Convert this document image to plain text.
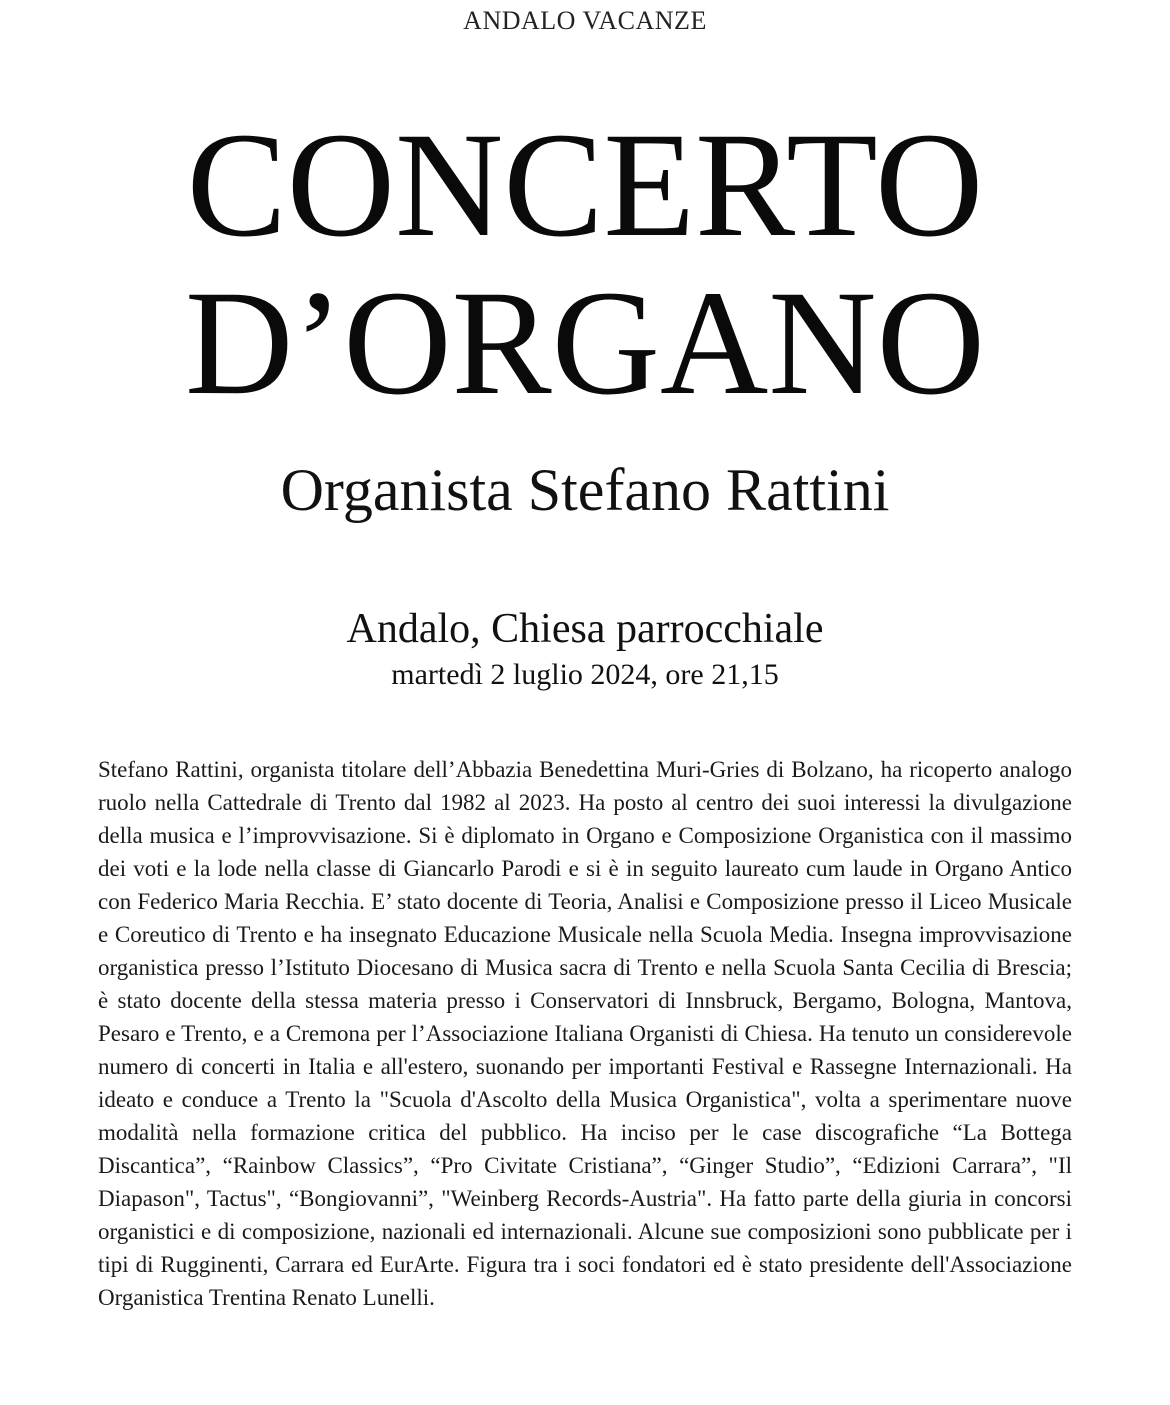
ANDALO VACANZE
CONCERTO
D’ORGANO
Organista Stefano Rattini
Andalo, Chiesa parrocchiale
martedì 2 luglio 2024, ore 21,15

Stefano Rattini, organista titolare dell’Abbazia Benedettina Muri-Gries di Bolzano, ha ricoperto analogo ruolo nella Cattedrale di Trento dal 1982 al 2023. Ha posto al centro dei suoi interessi la divulgazione della musica e l’improvvisazione. Si è diplomato in Organo e Composizione Organistica con il massimo dei voti e la lode nella classe di Giancarlo Parodi e si è in seguito laureato cum laude in Organo Antico con Federico Maria Recchia. E’ stato docente di Teoria, Analisi e Composizione presso il Liceo Musicale e Coreutico di Trento e ha insegnato Educazione Musicale nella Scuola Media. Insegna improvvisazione organistica presso l’Istituto Diocesano di Musica sacra di Trento e nella Scuola Santa Cecilia di Brescia; è stato docente della stessa materia presso i Conservatori di Innsbruck, Bergamo, Bologna, Mantova, Pesaro e Trento, e a Cremona per l’Associazione Italiana Organisti di Chiesa. Ha tenuto un considerevole numero di concerti in Italia e all'estero, suonando per importanti Festival e Rassegne Internazionali. Ha ideato e conduce a Trento la "Scuola d'Ascolto della Musica Organistica", volta a sperimentare nuove modalità nella formazione critica del pubblico. Ha inciso per le case discografiche “La Bottega Discantica”, “Rainbow Classics”, “Pro Civitate Cristiana”, “Ginger Studio”, “Edizioni Carrara”, "Il Diapason", Tactus", “Bongiovanni”, "Weinberg Records-Austria". Ha fatto parte della giuria in concorsi organistici e di composizione, nazionali ed internazionali. Alcune sue composizioni sono pubblicate per i tipi di Rugginenti, Carrara ed EurArte. Figura tra i soci fondatori ed è stato presidente dell'Associazione Organistica Trentina Renato Lunelli.
